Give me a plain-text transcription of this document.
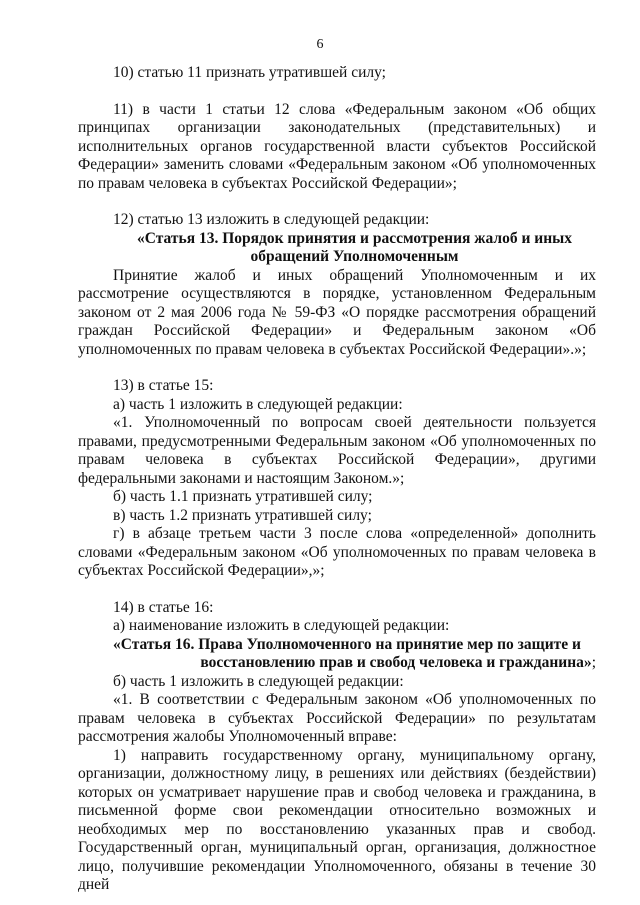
6

10) статью 11 признать утратившей силу;

11) в части 1 статьи 12 слова «Федеральным законом «Об общих принципах организации законодательных (представительных) и исполнительных органов государственной власти субъектов Российской Федерации» заменить словами «Федеральным законом «Об уполномоченных по правам человека в субъектах Российской Федерации»;

12) статью 13 изложить в следующей редакции:

«Статья 13. Порядок принятия и рассмотрения жалоб и иных обращений Уполномоченным

Принятие жалоб и иных обращений Уполномоченным и их рассмотрение осуществляются в порядке, установленном Федеральным законом от 2 мая 2006 года № 59-ФЗ «О порядке рассмотрения обращений граждан Российской Федерации» и Федеральным законом «Об уполномоченных по правам человека в субъектах Российской Федерации».»;

13) в статье 15:

а) часть 1 изложить в следующей редакции:

«1. Уполномоченный по вопросам своей деятельности пользуется правами, предусмотренными Федеральным законом «Об уполномоченных по правам человека в субъектах Российской Федерации», другими федеральными законами и настоящим Законом.»;

б) часть 1.1 признать утратившей силу;

в) часть 1.2 признать утратившей силу;

г) в абзаце третьем части 3 после слова «определенной» дополнить словами «Федеральным законом «Об уполномоченных по правам человека в субъектах Российской Федерации»,»;

14) в статье 16:

а) наименование изложить в следующей редакции:

«Статья 16. Права Уполномоченного на принятие мер по защите и

восстановлению прав и свобод человека и гражданина»;

б) часть 1 изложить в следующей редакции:

«1. В соответствии с Федеральным законом «Об уполномоченных по правам человека в субъектах Российской Федерации» по результатам рассмотрения жалобы Уполномоченный вправе:

1) направить государственному органу, муниципальному органу, организации, должностному лицу, в решениях или действиях (бездействии) которых он усматривает нарушение прав и свобод человека и гражданина, в письменной форме свои рекомендации относительно возможных и необходимых мер по восстановлению указанных прав и свобод. Государственный орган, муниципальный орган, организация, должностное лицо, получившие рекомендации Уполномоченного, обязаны в течение 30 дней
